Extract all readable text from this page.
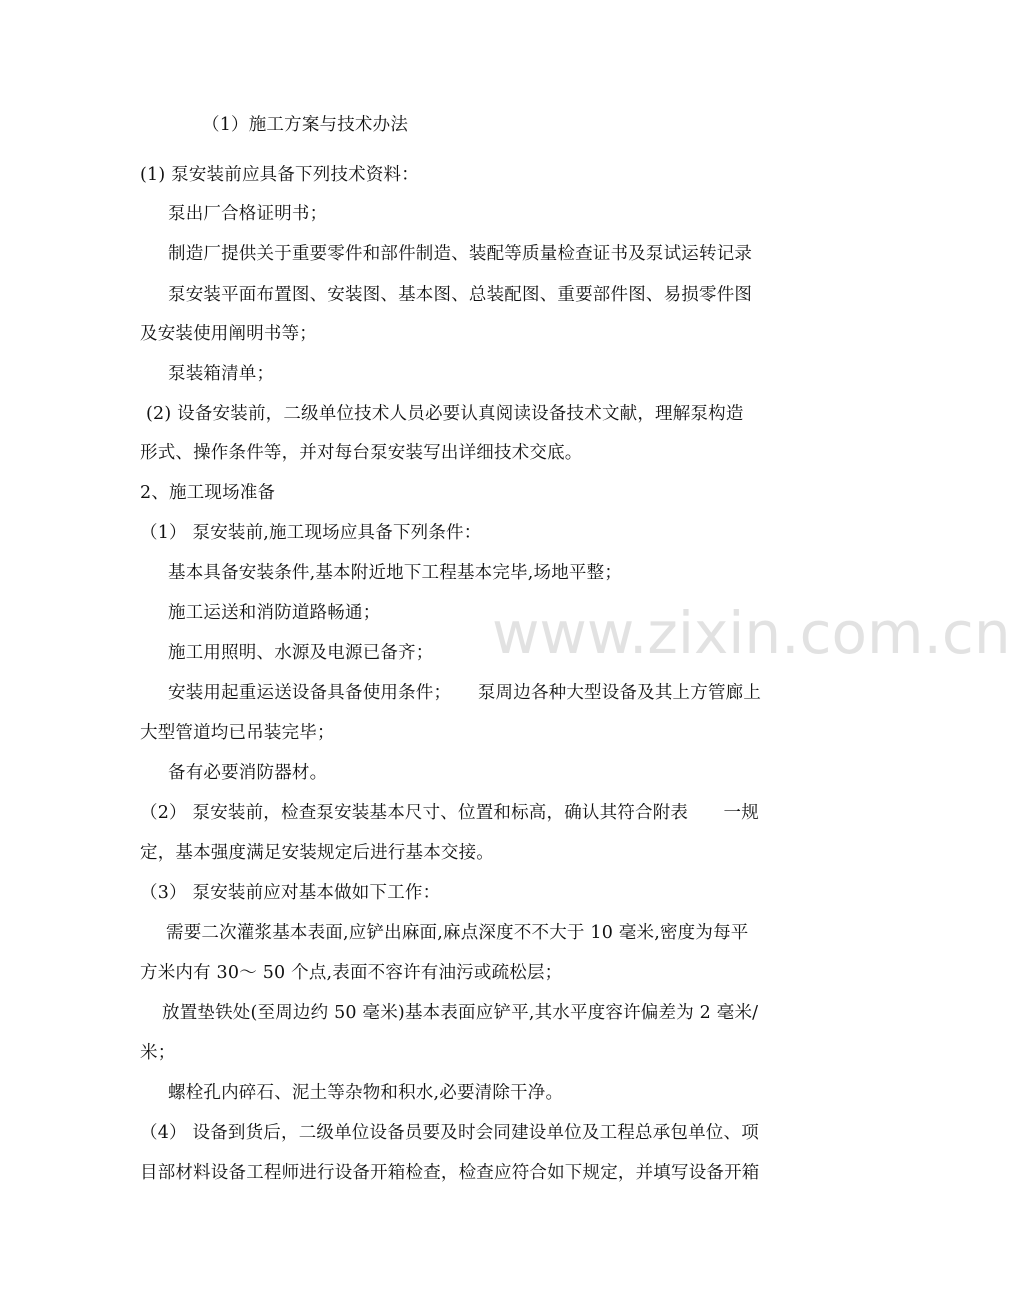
www.zixin.com.cn
（1）施工方案与技术办法
(1) 泵安装前应具备下列技术资料：
泵出厂合格证明书；
制造厂提供关于重要零件和部件制造、装配等质量检查证书及泵试运转记录
泵安装平面布置图、安装图、基本图、总装配图、重要部件图、易损零件图
及安装使用阐明书等；
泵装箱清单；
(2) 设备安装前，二级单位技术人员必要认真阅读设备技术文献，理解泵构造
形式、操作条件等，并对每台泵安装写出详细技术交底。
2、施工现场准备
（1） 泵安装前,施工现场应具备下列条件：
基本具备安装条件,基本附近地下工程基本完毕,场地平整；
施工运送和消防道路畅通；
施工用照明、水源及电源已备齐；
安装用起重运送设备具备使用条件；　　泵周边各种大型设备及其上方管廊上
大型管道均已吊装完毕；
备有必要消防器材。
（2） 泵安装前，检查泵安装基本尺寸、位置和标高，确认其符合附表　　一规
定，基本强度满足安装规定后进行基本交接。
（3） 泵安装前应对基本做如下工作：
需要二次灌浆基本表面,应铲出麻面,麻点深度不不大于 10 毫米,密度为每平
方米内有 30～ 50 个点,表面不容许有油污或疏松层；
放置垫铁处(至周边约 50 毫米)基本表面应铲平,其水平度容许偏差为 2 毫米/
米；
螺栓孔内碎石、泥土等杂物和积水,必要清除干净。
（4） 设备到货后，二级单位设备员要及时会同建设单位及工程总承包单位、项
目部材料设备工程师进行设备开箱检查，检查应符合如下规定，并填写设备开箱
